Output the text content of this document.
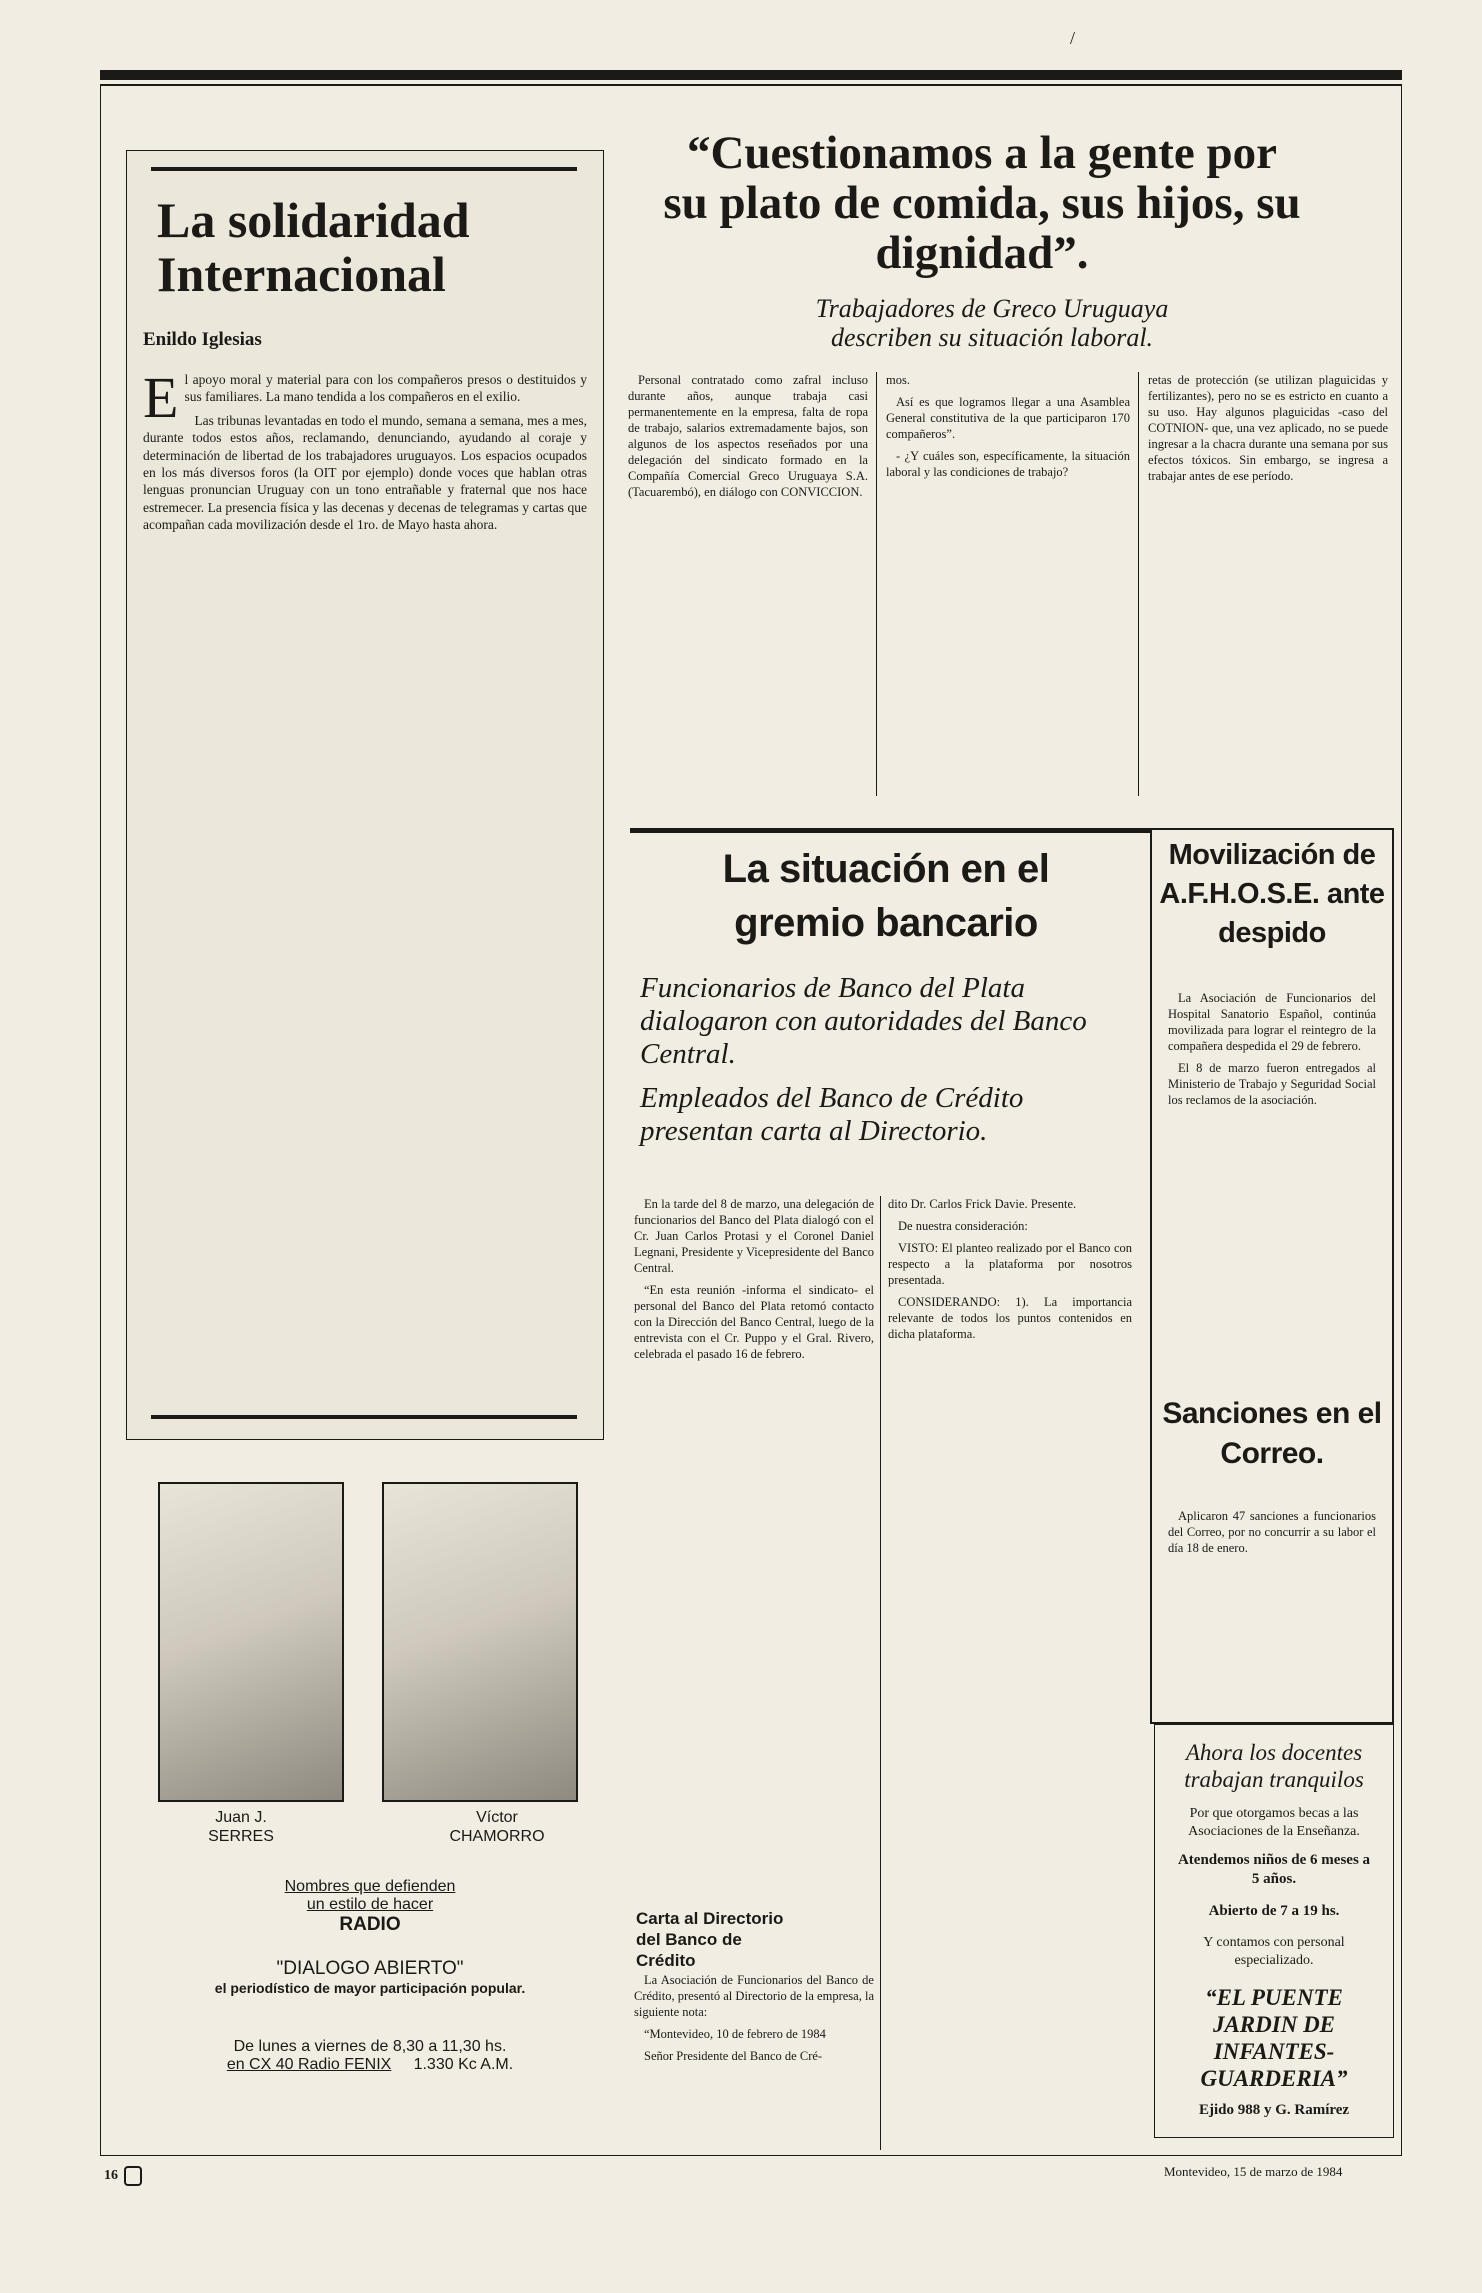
/
La solidaridad Internacional
Enildo Iglesias
E l apoyo moral y material para con los compañeros presos o destituidos y sus familiares. La mano tendida a los compañeros en el exilio.

Las tribunas levantadas en todo el mundo, semana a semana, mes a mes, durante todos estos años, reclamando, denunciando, ayudando al coraje y determinación de libertad de los trabajadores uruguayos. Los espacios ocupados en los más diversos foros (la OIT por ejemplo) donde voces que hablan otras lenguas pronuncian Uruguay con un tono entrañable y fraternal que nos hace estremecer. La presencia física y las decenas y decenas de telegramas y cartas que acompañan cada movilización desde el 1ro. de Mayo hasta ahora.

Juan J. SERRES
Víctor CHAMORRO
Nombres que defienden
un estilo de hacer
RADIO
"DIALOGO ABIERTO"
el periodístico de mayor participación popular.
De lunes a viernes de 8,30 a 11,30 hs.
en CX 40 Radio FENIX 1.330 Kc A.M.
16
“Cuestionamos a la gente por su plato de comida, sus hijos, su dignidad”.
Trabajadores de Greco Uruguaya describen su situación laboral.

Personal contratado como zafral incluso durante años, aunque trabaja casi permanentemente en la empresa, falta de ropa de trabajo, salarios extremadamente bajos, son algunos de los aspectos reseñados por una delegación del sindicato formado en la Compañía Comercial Greco Uruguaya S.A. (Tacuarembó), en diálogo con CONVICCION.

mos.

Así es que logramos llegar a una Asamblea General constitutiva de la que participaron 170 compañeros”.

- ¿Y cuáles son, específicamente, la situación laboral y las condiciones de trabajo?

retas de protección (se utilizan plaguicidas y fertilizantes), pero no se es estricto en cuanto a su uso. Hay algunos plaguicidas -caso del COTNION- que, una vez aplicado, no se puede ingresar a la chacra durante una semana por sus efectos tóxicos. Sin embargo, se ingresa a trabajar antes de ese período.

La situación en el gremio bancario
Funcionarios de Banco del Plata dialogaron con autoridades del Banco Central.
Empleados del Banco de Crédito presentan carta al Directorio.

En la tarde del 8 de marzo, una delegación de funcionarios del Banco del Plata dialogó con el Cr. Juan Carlos Protasi y el Coronel Daniel Legnani, Presidente y Vicepresidente del Banco Central.

“En esta reunión -informa el sindicato- el personal del Banco del Plata retomó contacto con la Dirección del Banco Central, luego de la entrevista con el Cr. Puppo y el Gral. Rivero, celebrada el pasado 16 de febrero.

Carta al Directorio del Banco de Crédito

La Asociación de Funcionarios del Banco de Crédito, presentó al Directorio de la empresa, la siguiente nota:

“Montevideo, 10 de febrero de 1984

Señor Presidente del Banco de Cré-

dito Dr. Carlos Frick Davie. Presente.

De nuestra consideración:

VISTO: El planteo realizado por el Banco con respecto a la plataforma por nosotros presentada.

CONSIDERANDO: 1). La importancia relevante de todos los puntos contenidos en dicha plataforma.

Movilización de A.F.H.O.S.E. ante despido

La Asociación de Funcionarios del Hospital Sanatorio Español, continúa movilizada para lograr el reintegro de la compañera despedida el 29 de febrero.

El 8 de marzo fueron entregados al Ministerio de Trabajo y Seguridad Social los reclamos de la asociación.

Sanciones en el Correo.

Aplicaron 47 sanciones a funcionarios del Correo, por no concurrir a su labor el día 18 de enero.

Ahora los docentes trabajan tranquilos
Por que otorgamos becas a las Asociaciones de la Enseñanza.
Atendemos niños de 6 meses a 5 años.
Abierto de 7 a 19 hs.
Y contamos con personal especializado.
“EL PUENTE JARDIN DE INFANTES-GUARDERIA”
Ejido 988 y G. Ramírez
Montevideo, 15 de marzo de 1984
